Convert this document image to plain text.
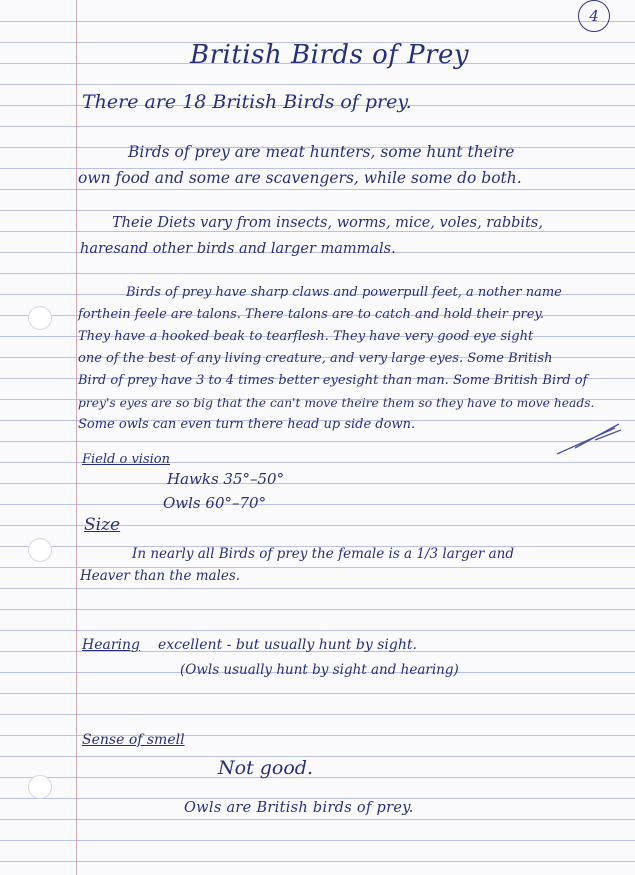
4

British Birds of Prey

There are 18 British Birds of prey.

Birds of prey are meat hunters, some hunt theire
own food and some are scavengers, while some do both.
Theie Diets vary from insects, worms, mice, voles, rabbits,
haresand other birds and larger mammals.
Birds of prey have sharp claws and powerpull feet, a nother name
forthein feele are talons. There talons are to catch and hold their prey.
They have a hooked beak to tearflesh. They have very good eye sight
one of the best of any living creature, and very large eyes. Some British
Bird of prey have 3 to 4 times better eyesight than man. Some British Bird of
prey's eyes are so big that the can't move theire them so they have to move heads.
Some owls can even turn there head up side down.

Field o vision

Hawks 35°–50°

Owls 60°–70°

Size

In nearly all Birds of prey the female is a 1/3 larger and
Heaver than the males.

Hearing excellent - but usually hunt by sight.

(Owls usually hunt by sight and hearing)

Sense of smell

Not good.

Owls are British birds of prey.
